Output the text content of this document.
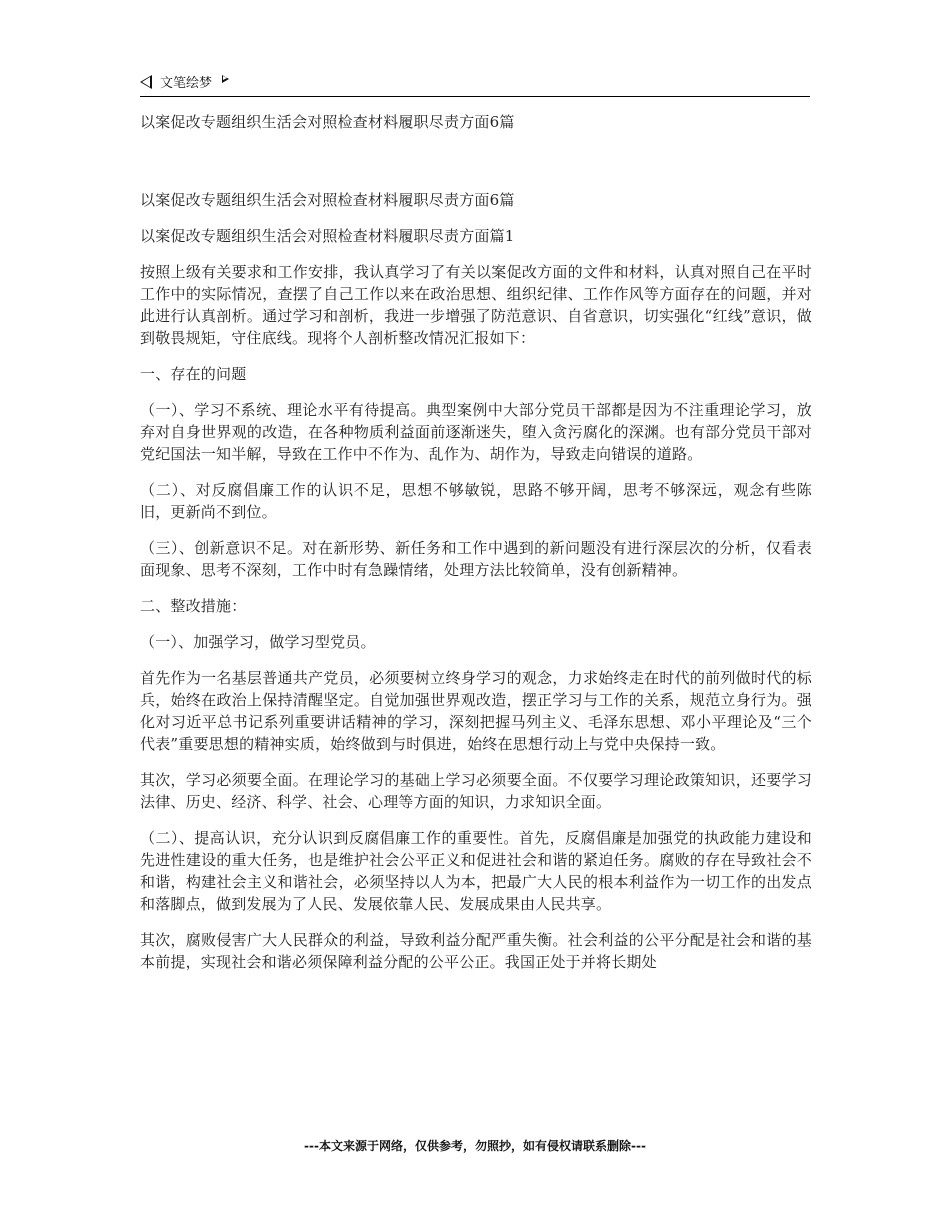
文笔绘梦

以案促改专题组织生活会对照检查材料履职尽责方面6篇

以案促改专题组织生活会对照检查材料履职尽责方面6篇

以案促改专题组织生活会对照检查材料履职尽责方面篇1

按照上级有关要求和工作安排，我认真学习了有关以案促改方面的文件和材料，认真对照自己在平时工作中的实际情况，查摆了自己工作以来在政治思想、组织纪律、工作作风等方面存在的问题，并对此进行认真剖析。通过学习和剖析，我进一步增强了防范意识、自省意识，切实强化“红线”意识，做到敬畏规矩，守住底线。现将个人剖析整改情况汇报如下：

一、存在的问题

（一）、学习不系统、理论水平有待提高。典型案例中大部分党员干部都是因为不注重理论学习，放弃对自身世界观的改造，在各种物质利益面前逐渐迷失，堕入贪污腐化的深渊。也有部分党员干部对党纪国法一知半解，导致在工作中不作为、乱作为、胡作为，导致走向错误的道路。

（二）、对反腐倡廉工作的认识不足，思想不够敏锐，思路不够开阔，思考不够深远，观念有些陈旧，更新尚不到位。

（三）、创新意识不足。对在新形势、新任务和工作中遇到的新问题没有进行深层次的分析，仅看表面现象、思考不深刻，工作中时有急躁情绪，处理方法比较简单，没有创新精神。

二、整改措施：

（一）、加强学习，做学习型党员。

首先作为一名基层普通共产党员，必须要树立终身学习的观念，力求始终走在时代的前列做时代的标兵，始终在政治上保持清醒坚定。自觉加强世界观改造，摆正学习与工作的关系，规范立身行为。强化对习近平总书记系列重要讲话精神的学习，深刻把握马列主义、毛泽东思想、邓小平理论及“三个代表”重要思想的精神实质，始终做到与时俱进，始终在思想行动上与党中央保持一致。

其次，学习必须要全面。在理论学习的基础上学习必须要全面。不仅要学习理论政策知识，还要学习法律、历史、经济、科学、社会、心理等方面的知识，力求知识全面。

（二）、提高认识，充分认识到反腐倡廉工作的重要性。首先，反腐倡廉是加强党的执政能力建设和先进性建设的重大任务，也是维护社会公平正义和促进社会和谐的紧迫任务。腐败的存在导致社会不和谐，构建社会主义和谐社会，必须坚持以人为本，把最广大人民的根本利益作为一切工作的出发点和落脚点，做到发展为了人民、发展依靠人民、发展成果由人民共享。

其次，腐败侵害广大人民群众的利益，导致利益分配严重失衡。社会利益的公平分配是社会和谐的基本前提，实现社会和谐必须保障利益分配的公平公正。我国正处于并将长期处

---本文来源于网络，仅供参考，勿照抄，如有侵权请联系删除---
